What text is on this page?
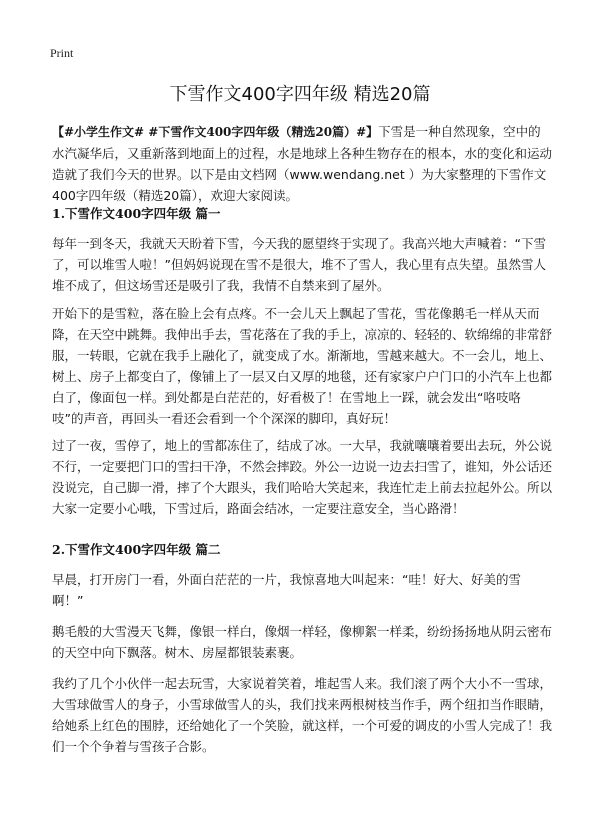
Print
下雪作文400字四年级 精选20篇
【#小学生作文# #下雪作文400字四年级（精选20篇）#】下雪是一种自然现象，空中的水汽凝华后，又重新落到地面上的过程，水是地球上各种生物存在的根本，水的变化和运动造就了我们今天的世界。以下是由文档网（www.wendang.net ）为大家整理的下雪作文400字四年级（精选20篇），欢迎大家阅读。
1.下雪作文400字四年级 篇一

每年一到冬天，我就天天盼着下雪，今天我的愿望终于实现了。我高兴地大声喊着：“下雪了，可以堆雪人啦！”但妈妈说现在雪不是很大，堆不了雪人，我心里有点失望。虽然雪人堆不成了，但这场雪还是吸引了我，我情不自禁来到了屋外。

开始下的是雪粒，落在脸上会有点疼。不一会儿天上飘起了雪花，雪花像鹅毛一样从天而降，在天空中跳舞。我伸出手去，雪花落在了我的手上，凉凉的、轻轻的、软绵绵的非常舒服，一转眼，它就在我手上融化了，就变成了水。渐渐地，雪越来越大。不一会儿，地上、树上、房子上都变白了，像铺上了一层又白又厚的地毯，还有家家户户门口的小汽车上也都白了，像面包一样。到处都是白茫茫的，好看极了！在雪地上一踩，就会发出“咯吱咯吱”的声音，再回头一看还会看到一个个深深的脚印，真好玩！

过了一夜，雪停了，地上的雪都冻住了，结成了冰。一大早，我就嚷嚷着要出去玩，外公说不行，一定要把门口的雪扫干净，不然会摔跤。外公一边说一边去扫雪了，谁知，外公话还没说完，自己脚一滑，摔了个大跟头，我们哈哈大笑起来，我连忙走上前去拉起外公。所以大家一定要小心哦，下雪过后，路面会结冰，一定要注意安全，当心路滑！

2.下雪作文400字四年级 篇二

早晨，打开房门一看，外面白茫茫的一片，我惊喜地大叫起来：“哇！好大、好美的雪啊！”

鹅毛般的大雪漫天飞舞，像银一样白，像烟一样轻，像柳絮一样柔，纷纷扬扬地从阴云密布的天空中向下飘落。树木、房屋都银装素裹。

我约了几个小伙伴一起去玩雪，大家说着笑着，堆起雪人来。我们滚了两个大小不一雪球，大雪球做雪人的身子，小雪球做雪人的头，我们找来两根树枝当作手，两个纽扣当作眼睛，给她系上红色的围脖，还给她化了一个笑脸，就这样，一个可爱的调皮的小雪人完成了！我们一个个争着与雪孩子合影。
